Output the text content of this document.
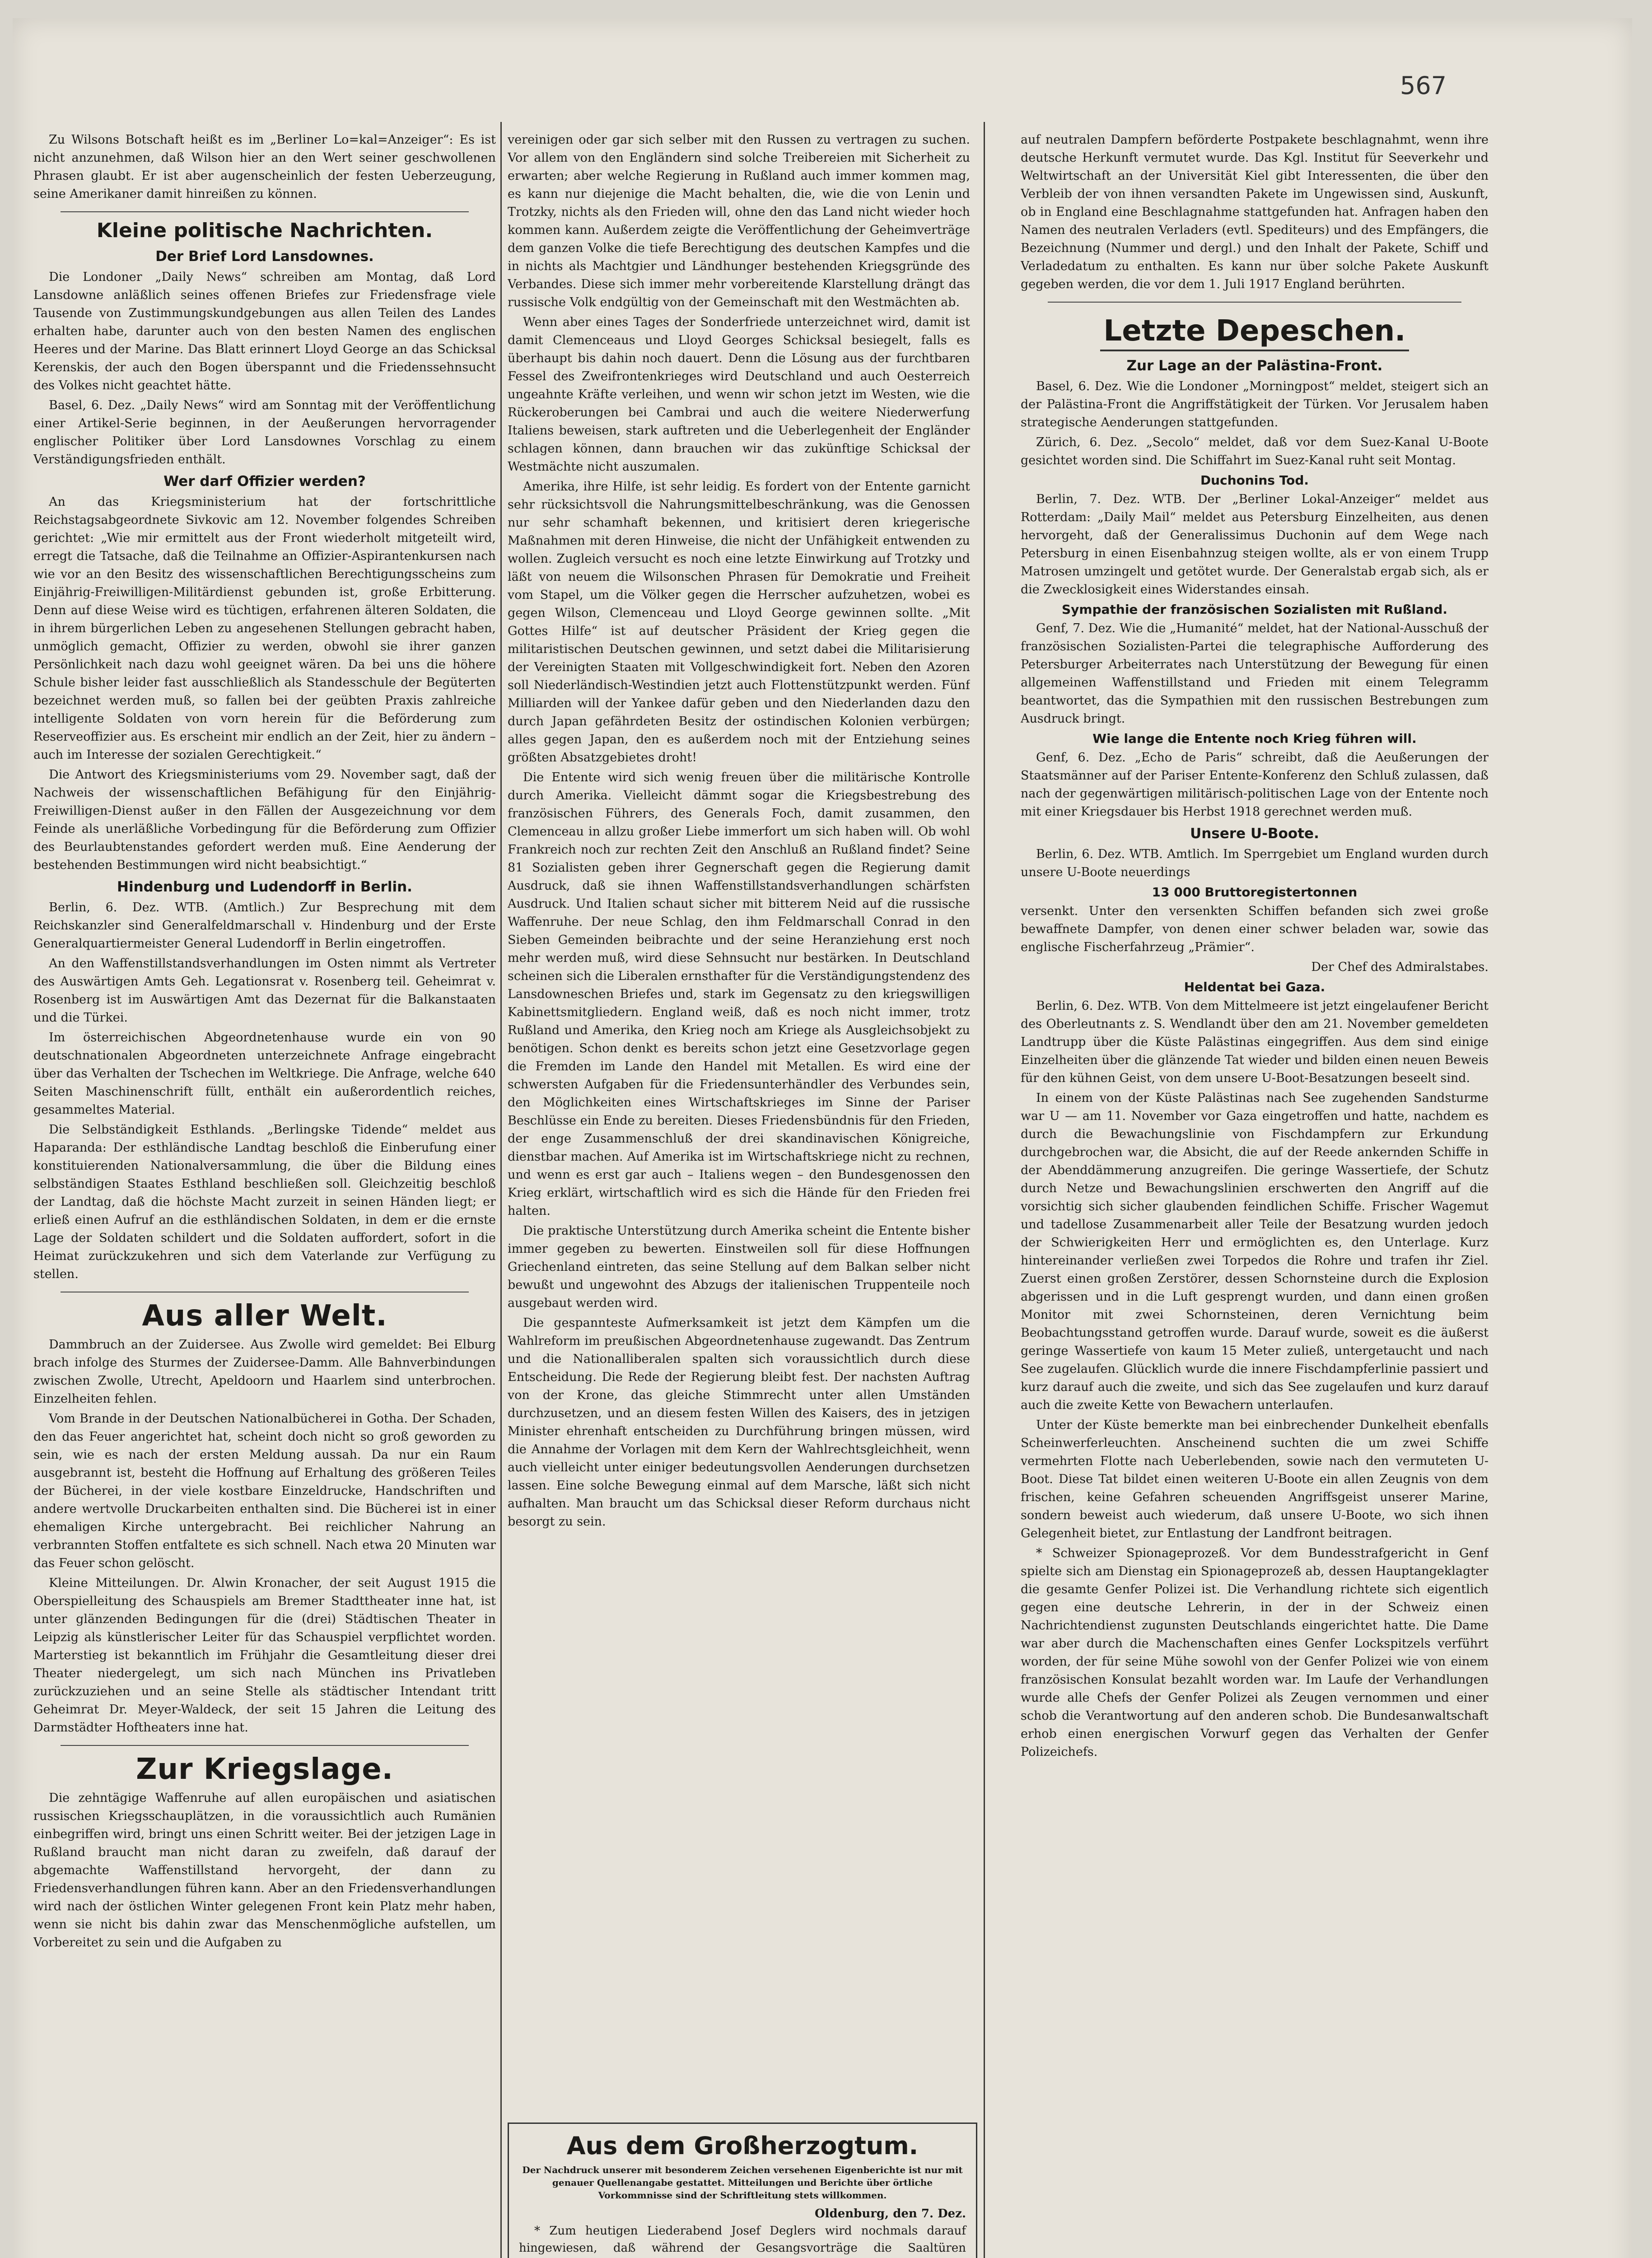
567

Zu Wilsons Botschaft heißt es im „Berliner Lo=kal=Anzeiger“: Es ist nicht anzunehmen, daß Wilson hier an den Wert seiner geschwollenen Phrasen glaubt. Er ist aber augenscheinlich der festen Ueberzeugung, seine Amerikaner damit hinreißen zu können.

Kleine politische Nachrichten.
Der Brief Lord Lansdownes.

Die Londoner „Daily News“ schreiben am Montag, daß Lord Lansdowne anläßlich seines offenen Briefes zur Friedensfrage viele Tausende von Zustimmungskundgebungen aus allen Teilen des Landes erhalten habe, darunter auch von den besten Namen des englischen Heeres und der Marine. Das Blatt erinnert Lloyd George an das Schicksal Kerenskis, der auch den Bogen überspannt und die Friedenssehnsucht des Volkes nicht geachtet hätte.

Basel, 6. Dez. „Daily News“ wird am Sonntag mit der Veröffentlichung einer Artikel-Serie beginnen, in der Aeußerungen hervorragender englischer Politiker über Lord Lansdownes Vorschlag zu einem Verständigungsfrieden enthält.

Wer darf Offizier werden?

An das Kriegsministerium hat der fortschrittliche Reichstagsabgeordnete Sivkovic am 12. November folgendes Schreiben gerichtet: „Wie mir ermittelt aus der Front wiederholt mitgeteilt wird, erregt die Tatsache, daß die Teilnahme an Offizier-Aspirantenkursen nach wie vor an den Besitz des wissenschaftlichen Berechtigungsscheins zum Einjährig-Freiwilligen-Militärdienst gebunden ist, große Erbitterung. Denn auf diese Weise wird es tüchtigen, erfahrenen älteren Soldaten, die in ihrem bürgerlichen Leben zu angesehenen Stellungen gebracht haben, unmöglich gemacht, Offizier zu werden, obwohl sie ihrer ganzen Persönlichkeit nach dazu wohl geeignet wären. Da bei uns die höhere Schule bisher leider fast ausschließlich als Standesschule der Begüterten bezeichnet werden muß, so fallen bei der geübten Praxis zahlreiche intelligente Soldaten von vorn herein für die Beförderung zum Reserveoffizier aus. Es erscheint mir endlich an der Zeit, hier zu ändern – auch im Interesse der sozialen Gerechtigkeit.“

Die Antwort des Kriegsministeriums vom 29. November sagt, daß der Nachweis der wissenschaftlichen Befähigung für den Einjährig-Freiwilligen-Dienst außer in den Fällen der Ausgezeichnung vor dem Feinde als unerläßliche Vorbedingung für die Beförderung zum Offizier des Beurlaubtenstandes gefordert werden muß. Eine Aenderung der bestehenden Bestimmungen wird nicht beabsichtigt.“

Hindenburg und Ludendorff in Berlin.

Berlin, 6. Dez. WTB. (Amtlich.) Zur Besprechung mit dem Reichskanzler sind Generalfeldmarschall v. Hindenburg und der Erste Generalquartiermeister General Ludendorff in Berlin eingetroffen.

An den Waffenstillstandsverhandlungen im Osten nimmt als Vertreter des Auswärtigen Amts Geh. Legationsrat v. Rosenberg teil. Geheimrat v. Rosenberg ist im Auswärtigen Amt das Dezernat für die Balkanstaaten und die Türkei.

Im österreichischen Abgeordnetenhause wurde ein von 90 deutschnationalen Abgeordneten unterzeichnete Anfrage eingebracht über das Verhalten der Tschechen im Weltkriege. Die Anfrage, welche 640 Seiten Maschinenschrift füllt, enthält ein außerordentlich reiches, gesammeltes Material.

Die Selbständigkeit Esthlands. „Berlingske Tidende“ meldet aus Haparanda: Der esthländische Landtag beschloß die Einberufung einer konstituierenden Nationalversammlung, die über die Bildung eines selbständigen Staates Esthland beschließen soll. Gleichzeitig beschloß der Landtag, daß die höchste Macht zurzeit in seinen Händen liegt; er erließ einen Aufruf an die esthländischen Soldaten, in dem er die ernste Lage der Soldaten schildert und die Soldaten auffordert, sofort in die Heimat zurückzukehren und sich dem Vaterlande zur Verfügung zu stellen.

Aus aller Welt.

Dammbruch an der Zuidersee. Aus Zwolle wird gemeldet: Bei Elburg brach infolge des Sturmes der Zuidersee-Damm. Alle Bahnverbindungen zwischen Zwolle, Utrecht, Apeldoorn und Haarlem sind unterbrochen. Einzelheiten fehlen.

Vom Brande in der Deutschen Nationalbücherei in Gotha. Der Schaden, den das Feuer angerichtet hat, scheint doch nicht so groß geworden zu sein, wie es nach der ersten Meldung aussah. Da nur ein Raum ausgebrannt ist, besteht die Hoffnung auf Erhaltung des größeren Teiles der Bücherei, in der viele kostbare Einzeldrucke, Handschriften und andere wertvolle Druckarbeiten enthalten sind. Die Bücherei ist in einer ehemaligen Kirche untergebracht. Bei reichlicher Nahrung an verbrannten Stoffen entfaltete es sich schnell. Nach etwa 20 Minuten war das Feuer schon gelöscht.

Kleine Mitteilungen. Dr. Alwin Kronacher, der seit August 1915 die Oberspielleitung des Schauspiels am Bremer Stadttheater inne hat, ist unter glänzenden Bedingungen für die (drei) Städtischen Theater in Leipzig als künstlerischer Leiter für das Schauspiel verpflichtet worden. Marterstieg ist bekanntlich im Frühjahr die Gesamtleitung dieser drei Theater niedergelegt, um sich nach München ins Privatleben zurückzuziehen und an seine Stelle als städtischer Intendant tritt Geheimrat Dr. Meyer-Waldeck, der seit 15 Jahren die Leitung des Darmstädter Hoftheaters inne hat.

Zur Kriegslage.

Die zehntägige Waffenruhe auf allen europäischen und asiatischen russischen Kriegsschauplätzen, in die voraussichtlich auch Rumänien einbegriffen wird, bringt uns einen Schritt weiter. Bei der jetzigen Lage in Rußland braucht man nicht daran zu zweifeln, daß darauf der abgemachte Waffenstillstand hervorgeht, der dann zu Friedensverhandlungen führen kann. Aber an den Friedensverhandlungen wird nach der östlichen Winter gelegenen Front kein Platz mehr haben, wenn sie nicht bis dahin zwar das Menschenmögliche aufstellen, um Vorbereitet zu sein und die Aufgaben zu

vereinigen oder gar sich selber mit den Russen zu vertragen zu suchen. Vor allem von den Engländern sind solche Treibereien mit Sicherheit zu erwarten; aber welche Regierung in Rußland auch immer kommen mag, es kann nur diejenige die Macht behalten, die, wie die von Lenin und Trotzky, nichts als den Frieden will, ohne den das Land nicht wieder hoch kommen kann. Außerdem zeigte die Veröffentlichung der Geheimverträge dem ganzen Volke die tiefe Berechtigung des deutschen Kampfes und die in nichts als Machtgier und Ländhunger bestehenden Kriegsgründe des Verbandes. Diese sich immer mehr vorbereitende Klarstellung drängt das russische Volk endgültig von der Gemeinschaft mit den Westmächten ab.

Wenn aber eines Tages der Sonderfriede unterzeichnet wird, damit ist damit Clemenceaus und Lloyd Georges Schicksal besiegelt, falls es überhaupt bis dahin noch dauert. Denn die Lösung aus der furchtbaren Fessel des Zweifrontenkrieges wird Deutschland und auch Oesterreich ungeahnte Kräfte verleihen, und wenn wir schon jetzt im Westen, wie die Rückeroberungen bei Cambrai und auch die weitere Niederwerfung Italiens beweisen, stark auftreten und die Ueberlegenheit der Engländer schlagen können, dann brauchen wir das zukünftige Schicksal der Westmächte nicht auszumalen.

Amerika, ihre Hilfe, ist sehr leidig. Es fordert von der Entente garnicht sehr rücksichtsvoll die Nahrungsmittelbeschränkung, was die Genossen nur sehr schamhaft bekennen, und kritisiert deren kriegerische Maßnahmen mit deren Hinweise, die nicht der Unfähigkeit entwenden zu wollen. Zugleich versucht es noch eine letzte Einwirkung auf Trotzky und läßt von neuem die Wilsonschen Phrasen für Demokratie und Freiheit vom Stapel, um die Völker gegen die Herrscher aufzuhetzen, wobei es gegen Wilson, Clemenceau und Lloyd George gewinnen sollte. „Mit Gottes Hilfe“ ist auf deutscher Präsident der Krieg gegen die militaristischen Deutschen gewinnen, und setzt dabei die Militarisierung der Vereinigten Staaten mit Vollgeschwindigkeit fort. Neben den Azoren soll Niederländisch-Westindien jetzt auch Flottenstützpunkt werden. Fünf Milliarden will der Yankee dafür geben und den Niederlanden dazu den durch Japan gefährdeten Besitz der ostindischen Kolonien verbürgen; alles gegen Japan, den es außerdem noch mit der Entziehung seines größten Absatzgebietes droht!

Die Entente wird sich wenig freuen über die militärische Kontrolle durch Amerika. Vielleicht dämmt sogar die Kriegsbestrebung des französischen Führers, des Generals Foch, damit zusammen, den Clemenceau in allzu großer Liebe immerfort um sich haben will. Ob wohl Frankreich noch zur rechten Zeit den Anschluß an Rußland findet? Seine 81 Sozialisten geben ihrer Gegnerschaft gegen die Regierung damit Ausdruck, daß sie ihnen Waffenstillstandsverhandlungen schärfsten Ausdruck. Und Italien schaut sicher mit bitterem Neid auf die russische Waffenruhe. Der neue Schlag, den ihm Feldmarschall Conrad in den Sieben Gemeinden beibrachte und der seine Heranziehung erst noch mehr werden muß, wird diese Sehnsucht nur bestärken. In Deutschland scheinen sich die Liberalen ernsthafter für die Verständigungstendenz des Lansdowneschen Briefes und, stark im Gegensatz zu den kriegswilligen Kabinettsmitgliedern. England weiß, daß es noch nicht immer, trotz Rußland und Amerika, den Krieg noch am Kriege als Ausgleichsobjekt zu benötigen. Schon denkt es bereits schon jetzt eine Gesetzvorlage gegen die Fremden im Lande den Handel mit Metallen. Es wird eine der schwersten Aufgaben für die Friedensunterhändler des Verbundes sein, den Möglichkeiten eines Wirtschaftskrieges im Sinne der Pariser Beschlüsse ein Ende zu bereiten. Dieses Friedensbündnis für den Frieden, der enge Zusammenschluß der drei skandinavischen Königreiche, dienstbar machen. Auf Amerika ist im Wirtschaftskriege nicht zu rechnen, und wenn es erst gar auch – Italiens wegen – den Bundesgenossen den Krieg erklärt, wirtschaftlich wird es sich die Hände für den Frieden frei halten.

Die praktische Unterstützung durch Amerika scheint die Entente bisher immer gegeben zu bewerten. Einstweilen soll für diese Hoffnungen Griechenland eintreten, das seine Stellung auf dem Balkan selber nicht bewußt und ungewohnt des Abzugs der italienischen Truppenteile noch ausgebaut werden wird.

Die gespannteste Aufmerksamkeit ist jetzt dem Kämpfen um die Wahlreform im preußischen Abgeordnetenhause zugewandt. Das Zentrum und die Nationalliberalen spalten sich voraussichtlich durch diese Entscheidung. Die Rede der Regierung bleibt fest. Der nachsten Auftrag von der Krone, das gleiche Stimmrecht unter allen Umständen durchzusetzen, und an diesem festen Willen des Kaisers, des in jetzigen Minister ehrenhaft entscheiden zu Durchführung bringen müssen, wird die Annahme der Vorlagen mit dem Kern der Wahlrechtsgleichheit, wenn auch vielleicht unter einiger bedeutungsvollen Aenderungen durchsetzen lassen. Eine solche Bewegung einmal auf dem Marsche, läßt sich nicht aufhalten. Man braucht um das Schicksal dieser Reform durchaus nicht besorgt zu sein.

Aus dem Großherzogtum.
Der Nachdruck unserer mit besonderem Zeichen versehenen Eigenberichte ist nur mit genauer Quellenangabe gestattet. Mitteilungen und Berichte über örtliche Vorkommnisse sind der Schriftleitung stets willkommen.
Oldenburg, den 7. Dez.

* Zum heutigen Liederabend Josef Deglers wird nochmals darauf hingewiesen, daß während der Gesangsvorträge die Saaltüren

auf neutralen Dampfern beförderte Postpakete beschlagnahmt, wenn ihre deutsche Herkunft vermutet wurde. Das Kgl. Institut für Seeverkehr und Weltwirtschaft an der Universität Kiel gibt Interessenten, die über den Verbleib der von ihnen versandten Pakete im Ungewissen sind, Auskunft, ob in England eine Beschlagnahme stattgefunden hat. Anfragen haben den Namen des neutralen Verladers (evtl. Spediteurs) und des Empfängers, die Bezeichnung (Nummer und dergl.) und den Inhalt der Pakete, Schiff und Verladedatum zu enthalten. Es kann nur über solche Pakete Auskunft gegeben werden, die vor dem 1. Juli 1917 England berührten.

Letzte Depeschen.
Zur Lage an der Palästina-Front.

Basel, 6. Dez. Wie die Londoner „Morningpost“ meldet, steigert sich an der Palästina-Front die Angriffstätigkeit der Türken. Vor Jerusalem haben strategische Aenderungen stattgefunden.

Zürich, 6. Dez. „Secolo“ meldet, daß vor dem Suez-Kanal U-Boote gesichtet worden sind. Die Schiffahrt im Suez-Kanal ruht seit Montag.

Duchonins Tod.

Berlin, 7. Dez. WTB. Der „Berliner Lokal-Anzeiger“ meldet aus Rotterdam: „Daily Mail“ meldet aus Petersburg Einzelheiten, aus denen hervorgeht, daß der Generalissimus Duchonin auf dem Wege nach Petersburg in einen Eisenbahnzug steigen wollte, als er von einem Trupp Matrosen umzingelt und getötet wurde. Der Generalstab ergab sich, als er die Zwecklosigkeit eines Widerstandes einsah.

Sympathie der französischen Sozialisten mit Rußland.

Genf, 7. Dez. Wie die „Humanité“ meldet, hat der National-Ausschuß der französischen Sozialisten-Partei die telegraphische Aufforderung des Petersburger Arbeiterrates nach Unterstützung der Bewegung für einen allgemeinen Waffenstillstand und Frieden mit einem Telegramm beantwortet, das die Sympathien mit den russischen Bestrebungen zum Ausdruck bringt.

Wie lange die Entente noch Krieg führen will.

Genf, 6. Dez. „Echo de Paris“ schreibt, daß die Aeußerungen der Staatsmänner auf der Pariser Entente-Konferenz den Schluß zulassen, daß nach der gegenwärtigen militärisch-politischen Lage von der Entente noch mit einer Kriegsdauer bis Herbst 1918 gerechnet werden muß.

Unsere U-Boote.

Berlin, 6. Dez. WTB. Amtlich. Im Sperrgebiet um England wurden durch unsere U-Boote neuerdings

13 000 Bruttoregistertonnen

versenkt. Unter den versenkten Schiffen befanden sich zwei große bewaffnete Dampfer, von denen einer schwer beladen war, sowie das englische Fischerfahrzeug „Prämier“.

Der Chef des Admiralstabes.
Heldentat bei Gaza.

Berlin, 6. Dez. WTB. Von dem Mittelmeere ist jetzt eingelaufener Bericht des Oberleutnants z. S. Wendlandt über den am 21. November gemeldeten Landtrupp über die Küste Palästinas eingegriffen. Aus dem sind einige Einzelheiten über die glänzende Tat wieder und bilden einen neuen Beweis für den kühnen Geist, von dem unsere U-Boot-Besatzungen beseelt sind.

In einem von der Küste Palästinas nach See zugehenden Sandsturme war U — am 11. November vor Gaza eingetroffen und hatte, nachdem es durch die Bewachungslinie von Fischdampfern zur Erkundung durchgebrochen war, die Absicht, die auf der Reede ankernden Schiffe in der Abenddämmerung anzugreifen. Die geringe Wassertiefe, der Schutz durch Netze und Bewachungslinien erschwerten den Angriff auf die vorsichtig sich sicher glaubenden feindlichen Schiffe. Frischer Wagemut und tadellose Zusammenarbeit aller Teile der Besatzung wurden jedoch der Schwierigkeiten Herr und ermöglichten es, den Unterlage. Kurz hintereinander verließen zwei Torpedos die Rohre und trafen ihr Ziel. Zuerst einen großen Zerstörer, dessen Schornsteine durch die Explosion abgerissen und in die Luft gesprengt wurden, und dann einen großen Monitor mit zwei Schornsteinen, deren Vernichtung beim Beobachtungsstand getroffen wurde. Darauf wurde, soweit es die äußerst geringe Wassertiefe von kaum 15 Meter zuließ, untergetaucht und nach See zugelaufen. Glücklich wurde die innere Fischdampferlinie passiert und kurz darauf auch die zweite, und sich das See zugelaufen und kurz darauf auch die zweite Kette von Bewachern unterlaufen.

Unter der Küste bemerkte man bei einbrechender Dunkelheit ebenfalls Scheinwerferleuchten. Anscheinend suchten die um zwei Schiffe vermehrten Flotte nach Ueberlebenden, sowie nach den vermuteten U-Boot. Diese Tat bildet einen weiteren U-Boote ein allen Zeugnis von dem frischen, keine Gefahren scheuenden Angriffsgeist unserer Marine, sondern beweist auch wiederum, daß unsere U-Boote, wo sich ihnen Gelegenheit bietet, zur Entlastung der Landfront beitragen.

* Schweizer Spionageprozeß. Vor dem Bundesstrafgericht in Genf spielte sich am Dienstag ein Spionageprozeß ab, dessen Hauptangeklagter die gesamte Genfer Polizei ist. Die Verhandlung richtete sich eigentlich gegen eine deutsche Lehrerin, in der in der Schweiz einen Nachrichtendienst zugunsten Deutschlands eingerichtet hatte. Die Dame war aber durch die Machenschaften eines Genfer Lockspitzels verführt worden, der für seine Mühe sowohl von der Genfer Polizei wie von einem französischen Konsulat bezahlt worden war. Im Laufe der Verhandlungen wurde alle Chefs der Genfer Polizei als Zeugen vernommen und einer schob die Verantwortung auf den anderen schob. Die Bundesanwaltschaft erhob einen energischen Vorwurf gegen das Verhalten der Genfer Polizeichefs.
